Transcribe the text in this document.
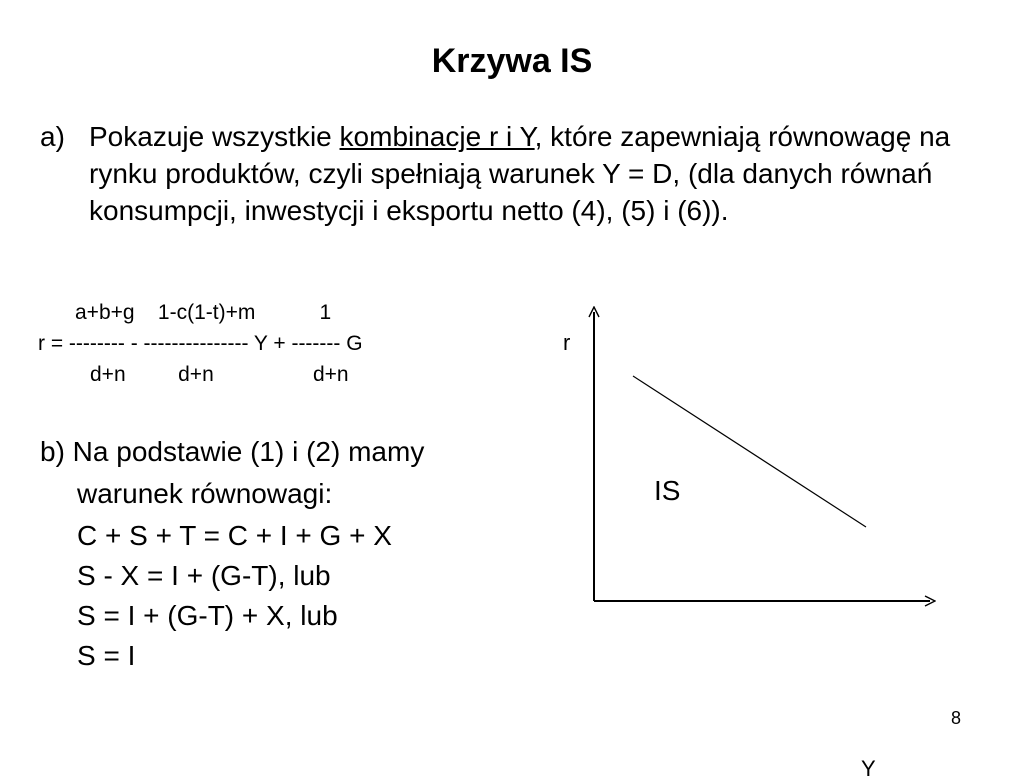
Krzywa IS
a) Pokazuje wszystkie kombinacje r i Y, które zapewniają równowagę na rynku produktów, czyli spełniają warunek Y = D, (dla danych równań konsumpcji, inwestycji i eksportu netto (4), (5) i (6)).
a+b+g    1-c(1-t)+m           1
r = -------- - --------------- Y + ------- G
d+n         d+n                 d+n
b) Na podstawie (1) i (2) mamy
warunek równowagi:
C + S + T = C + I + G + X
S - X = I + (G-T), lub
S = I + (G-T) + X, lub
S = I
r
IS
Y
8
